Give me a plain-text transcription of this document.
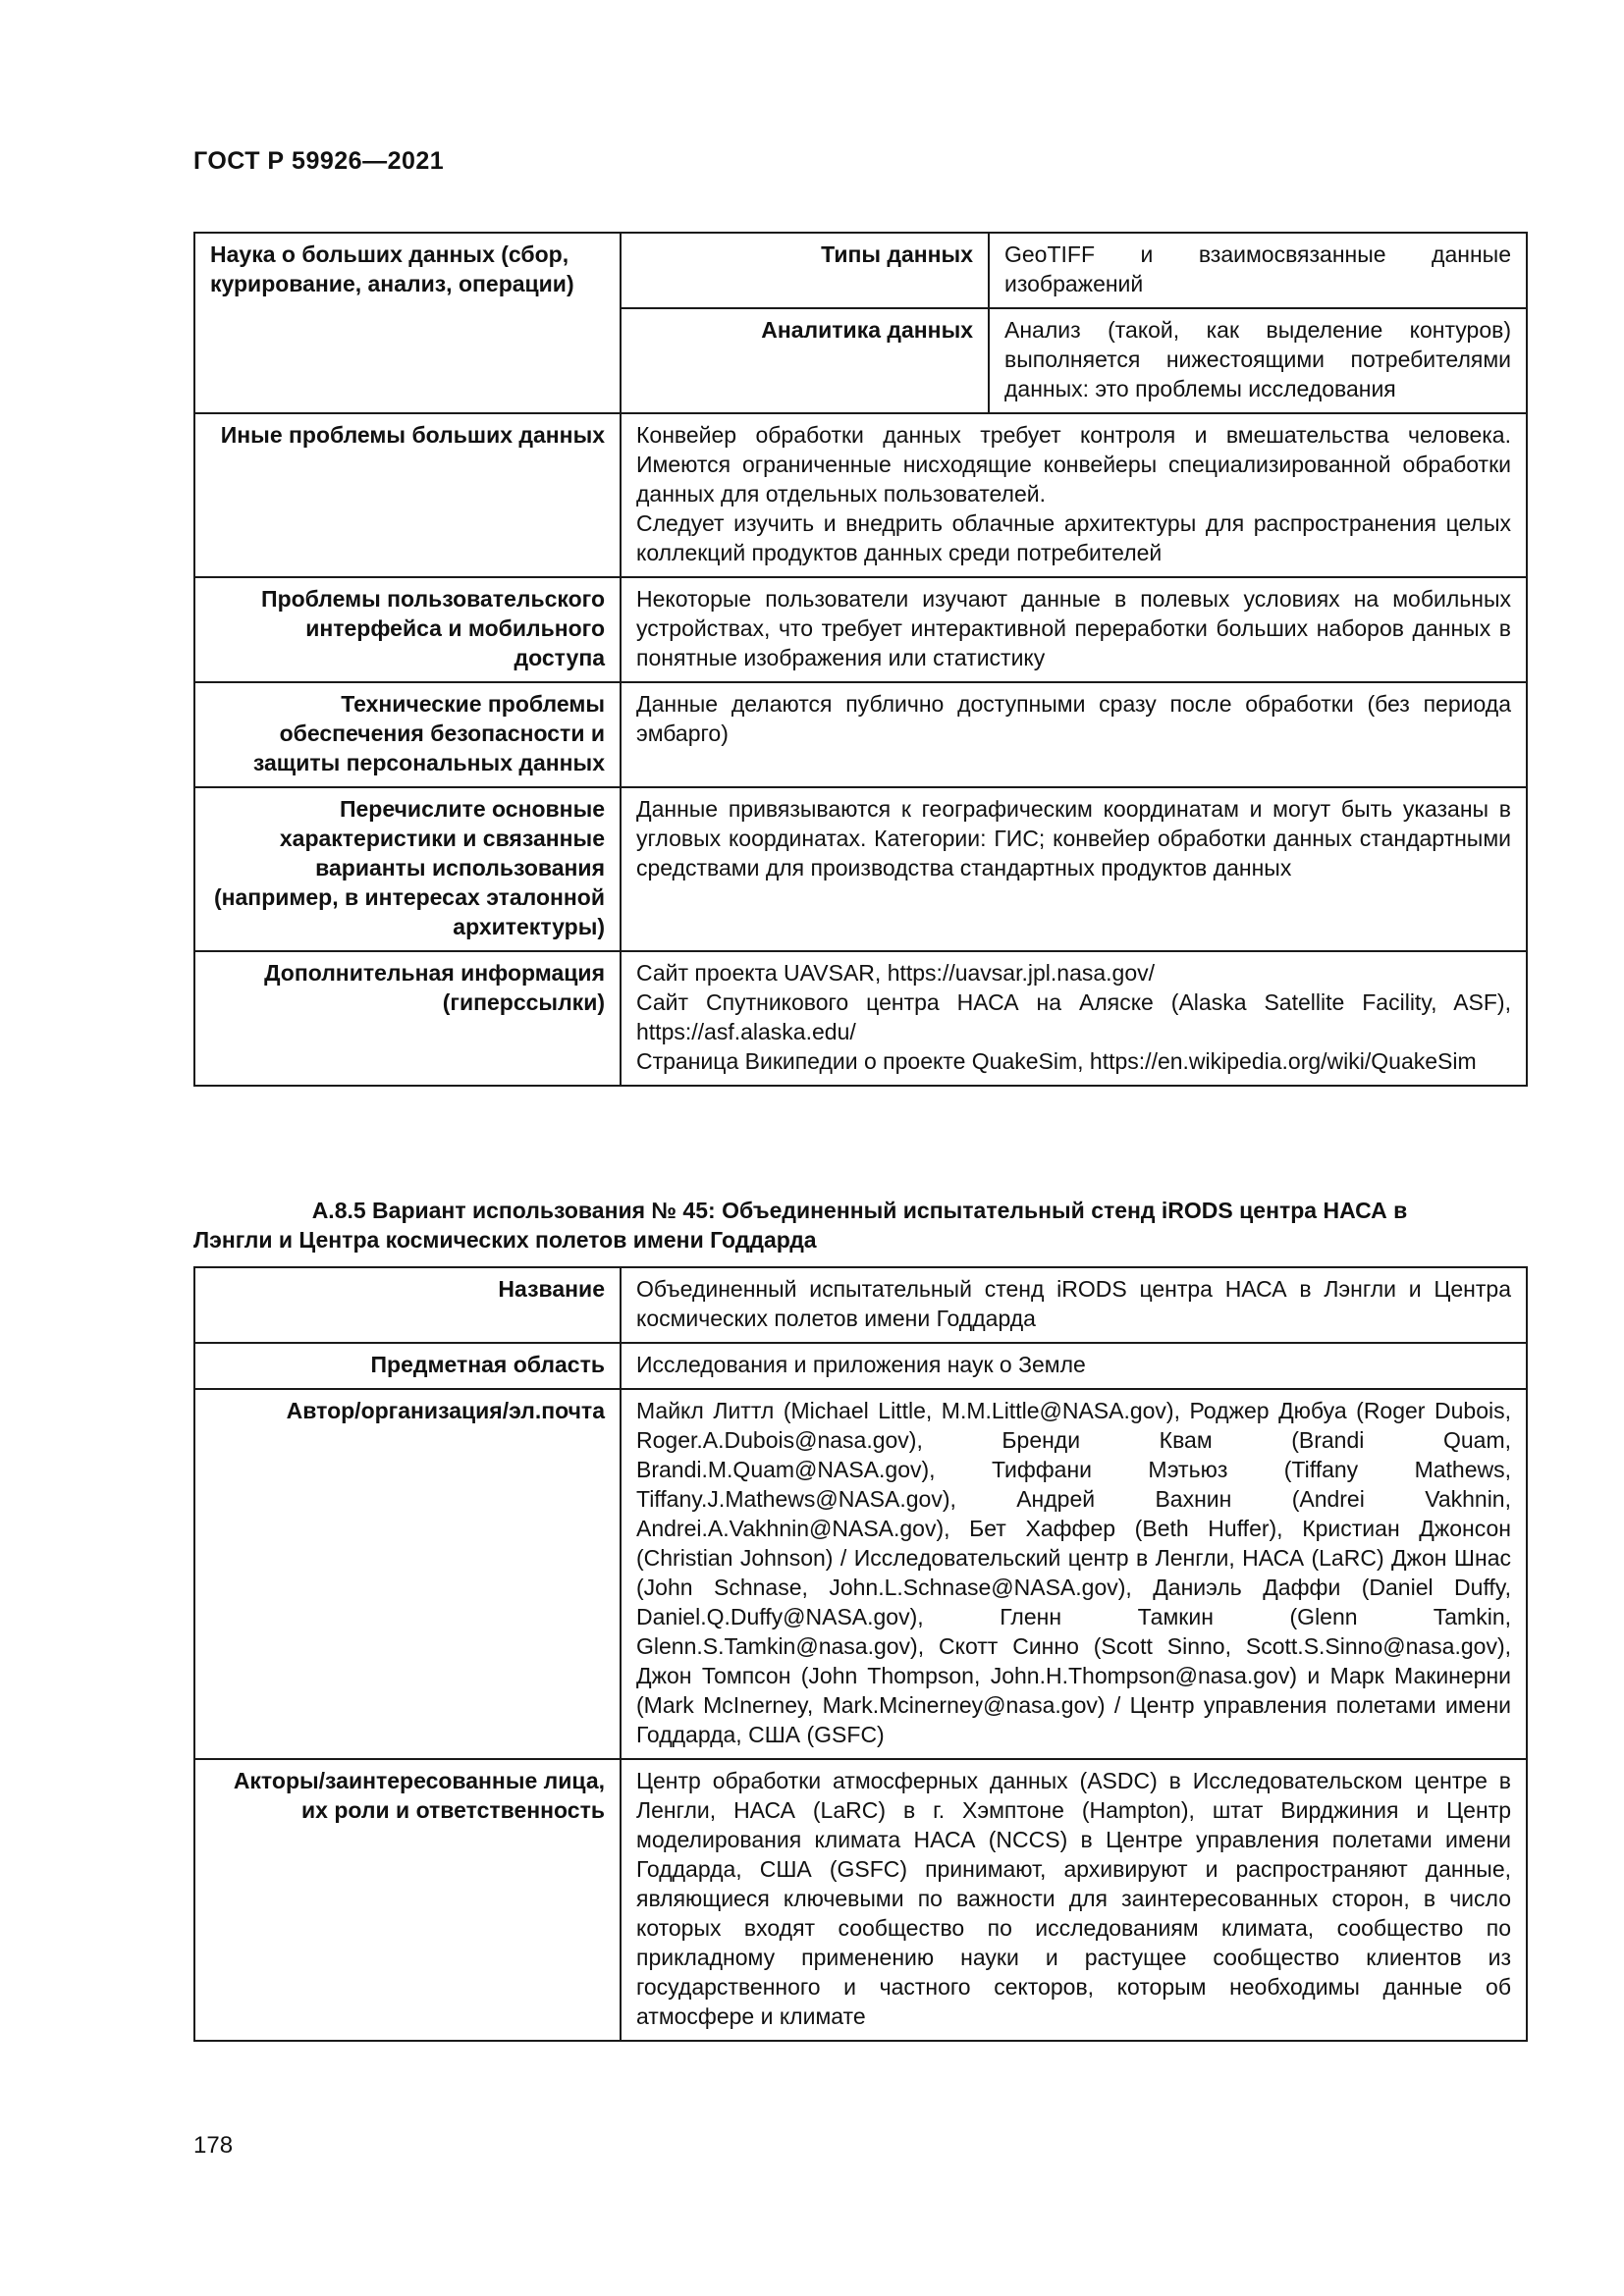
ГОСТ Р 59926—2021
Наука о больших данных (сбор, курирование, анализ, операции)	Типы данных	GeoTIFF и взаимосвязанные данные изображений
	Аналитика данных	Анализ (такой, как выделение контуров) выполняется нижестоящими потребителями данных: это проблемы исследования
Иные проблемы больших данных	Конвейер обработки данных требует контроля и вмешательства человека. Имеются ограниченные нисходящие конвейеры специализированной обработки данных для отдельных пользователей.
Следует изучить и внедрить облачные архитектуры для распространения целых коллекций продуктов данных среди потребителей	

Проблемы пользовательского интерфейса и мобильного доступа	Некоторые пользователи изучают данные в полевых условиях на мобильных устройствах, что требует интерактивной переработки больших наборов данных в понятные изображения или статистику	
Технические проблемы обеспечения безопасности и защиты персональных данных	Данные делаются публично доступными сразу после обработки (без периода эмбарго)	
Перечислите основные характеристики и связанные варианты использования (например, в интересах эталонной архитектуры)	Данные привязываются к географическим координатам и могут быть указаны в угловых координатах. Категории: ГИС; конвейер обработки данных стандартными средствами для производства стандартных продуктов данных	
Дополнительная информация (гиперссылки)	Сайт проекта UAVSAR, https://uavsar.jpl.nasa.gov/
Сайт Спутникового центра НАСА на Аляске (Alaska Satellite Facility, ASF), https://asf.alaska.edu/
Страница Википедии о проекте QuakeSim, https://en.wikipedia.org/wiki/QuakeSim	
А.8.5 Вариант использования № 45: Объединенный испытательный стенд iRODS центра НАСА в
Лэнгли и Центра космических полетов имени Годдарда
Название	Объединенный испытательный стенд iRODS центра НАСА в Лэнгли и Центра космических полетов имени Годдарда
Предметная область	Исследования и приложения наук о Земле
Автор/организация/эл.почта	Майкл Литтл (Michael Little, M.M.Little@NASA.gov), Роджер Дюбуа (Roger Dubois, Roger.A.Dubois@nasa.gov), Бренди Квам (Brandi Quam, Brandi.M.Quam@NASA.gov), Тиффани Мэтьюз (Tiffany Mathews, Tiffany.J.Mathews@NASA.gov), Андрей Вахнин (Andrei Vakhnin, Andrei.A.Vakhnin@NASA.gov), Бет Хаффер (Beth Huffer), Кристиан Джонсон (Christian Johnson) / Исследовательский центр в Ленгли, НАСА (LaRC) Джон Шнас (John Schnase, John.L.Schnase@NASA.gov), Даниэль Даффи (Daniel Duffy, Daniel.Q.Duffy@NASA.gov), Гленн Тамкин (Glenn Tamkin, Glenn.S.Tamkin@nasa.gov), Скотт Синно (Scott Sinno, Scott.S.Sinno@nasa.gov), Джон Томпсон (John Thompson, John.H.Thompson@nasa.gov) и Марк Макинерни (Mark McInerney, Mark.Mcinerney@nasa.gov) / Центр управления полетами имени Годдарда, США (GSFC)
Акторы/заинтересованные лица, их роли и ответственность	Центр обработки атмосферных данных (ASDC) в Исследовательском центре в Ленгли, НАСА (LaRC) в г. Хэмптоне (Hampton), штат Вирджиния и Центр моделирования климата НАСА (NCCS) в Центре управления полетами имени Годдарда, США (GSFC) принимают, архивируют и распространяют данные, являющиеся ключевыми по важности для заинтересованных сторон, в число которых входят сообщество по исследованиям климата, сообщество по прикладному применению науки и растущее сообщество клиентов из государственного и частного секторов, которым необходимы данные об атмосфере и климате
178
